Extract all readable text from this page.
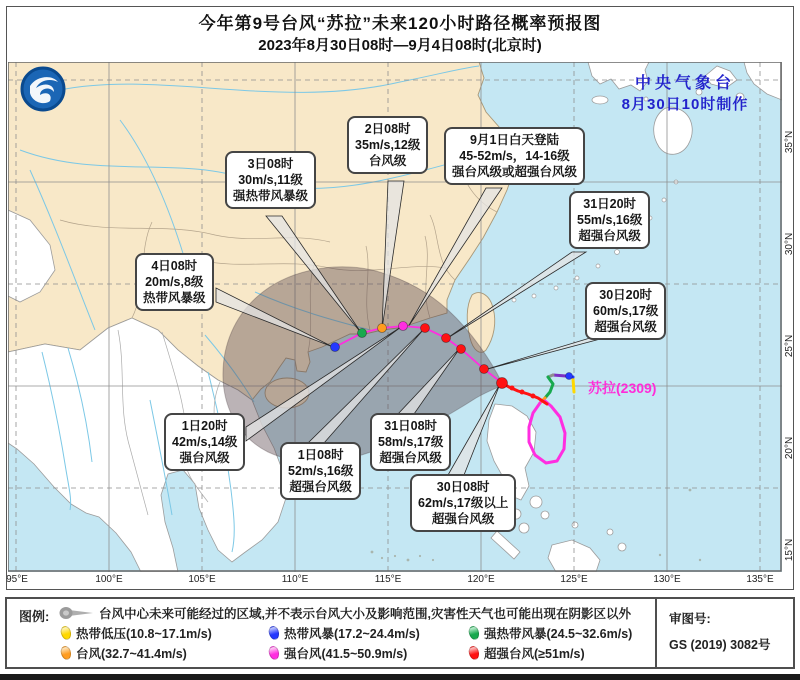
今年第9号台风“苏拉”未来120小时路径概率预报图
2023年8月30日08时—9月4日08时(北京时)
中央气象台
8月30日10时制作
苏拉(2309)
2日08时
35m/s,12级
台风级
3日08时
30m/s,11级
强热带风暴级
4日08时
20m/s,8级
热带风暴级
9月1日白天登陆
45-52m/s，14-16级
强台风级或超强台风级
31日20时
55m/s,16级
超强台风级
30日20时
60m/s,17级
超强台风级
1日20时
42m/s,14级
强台风级	1日08时
52m/s,16级
超强台风级
31日08时
58m/s,17级
超强台风级
30日08时
62m/s,17级以上
超强台风级
95°E	100°E	105°E	110°E	115°E	120°E	125°E	130°E	135°E
35°N
30°N
25°N
20°N
15°N
图例:	台风中心未来可能经过的区域,并不表示台风大小及影响范围,灾害性天气也可能出现在阴影区以外
热带低压(10.8~17.1m/s)	热带风暴(17.2~24.4m/s)	强热带风暴(24.5~32.6m/s)
台风(32.7~41.4m/s)	强台风(41.5~50.9m/s)	超强台风(≥51m/s)
审图号:
GS (2019) 3082号
